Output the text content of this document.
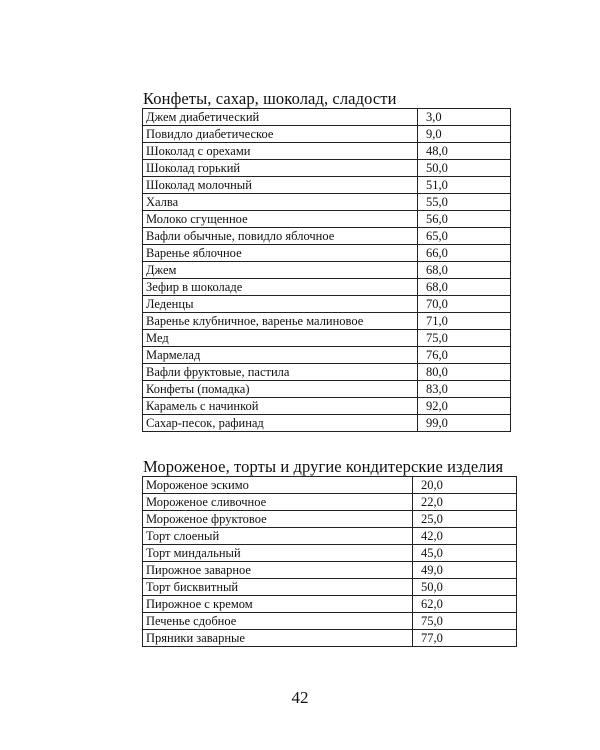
Конфеты, сахар, шоколад, сладости
Джем диабетический	3,0
Повидло диабетическое	9,0
Шоколад с орехами	48,0
Шоколад горький	50,0
Шоколад молочный	51,0
Халва	55,0
Молоко сгущенное	56,0
Вафли обычные, повидло яблочное	65,0
Варенье яблочное	66,0
Джем	68,0
Зефир в шоколаде	68,0
Леденцы	70,0
Варенье клубничное, варенье малиновое	71,0
Мед	75,0
Мармелад	76,0
Вафли фруктовые, пастила	80,0
Конфеты (помадка)	83,0
Карамель с начинкой	92,0
Сахар-песок, рафинад	99,0
Мороженое, торты и другие кондитерские изделия
Мороженое эскимо	20,0
Мороженое сливочное	22,0
Мороженое фруктовое	25,0
Торт слоеный	42,0
Торт миндальный	45,0
Пирожное заварное	49,0
Торт бисквитный	50,0
Пирожное с кремом	62,0
Печенье сдобное	75,0
Пряники заварные	77,0
42
